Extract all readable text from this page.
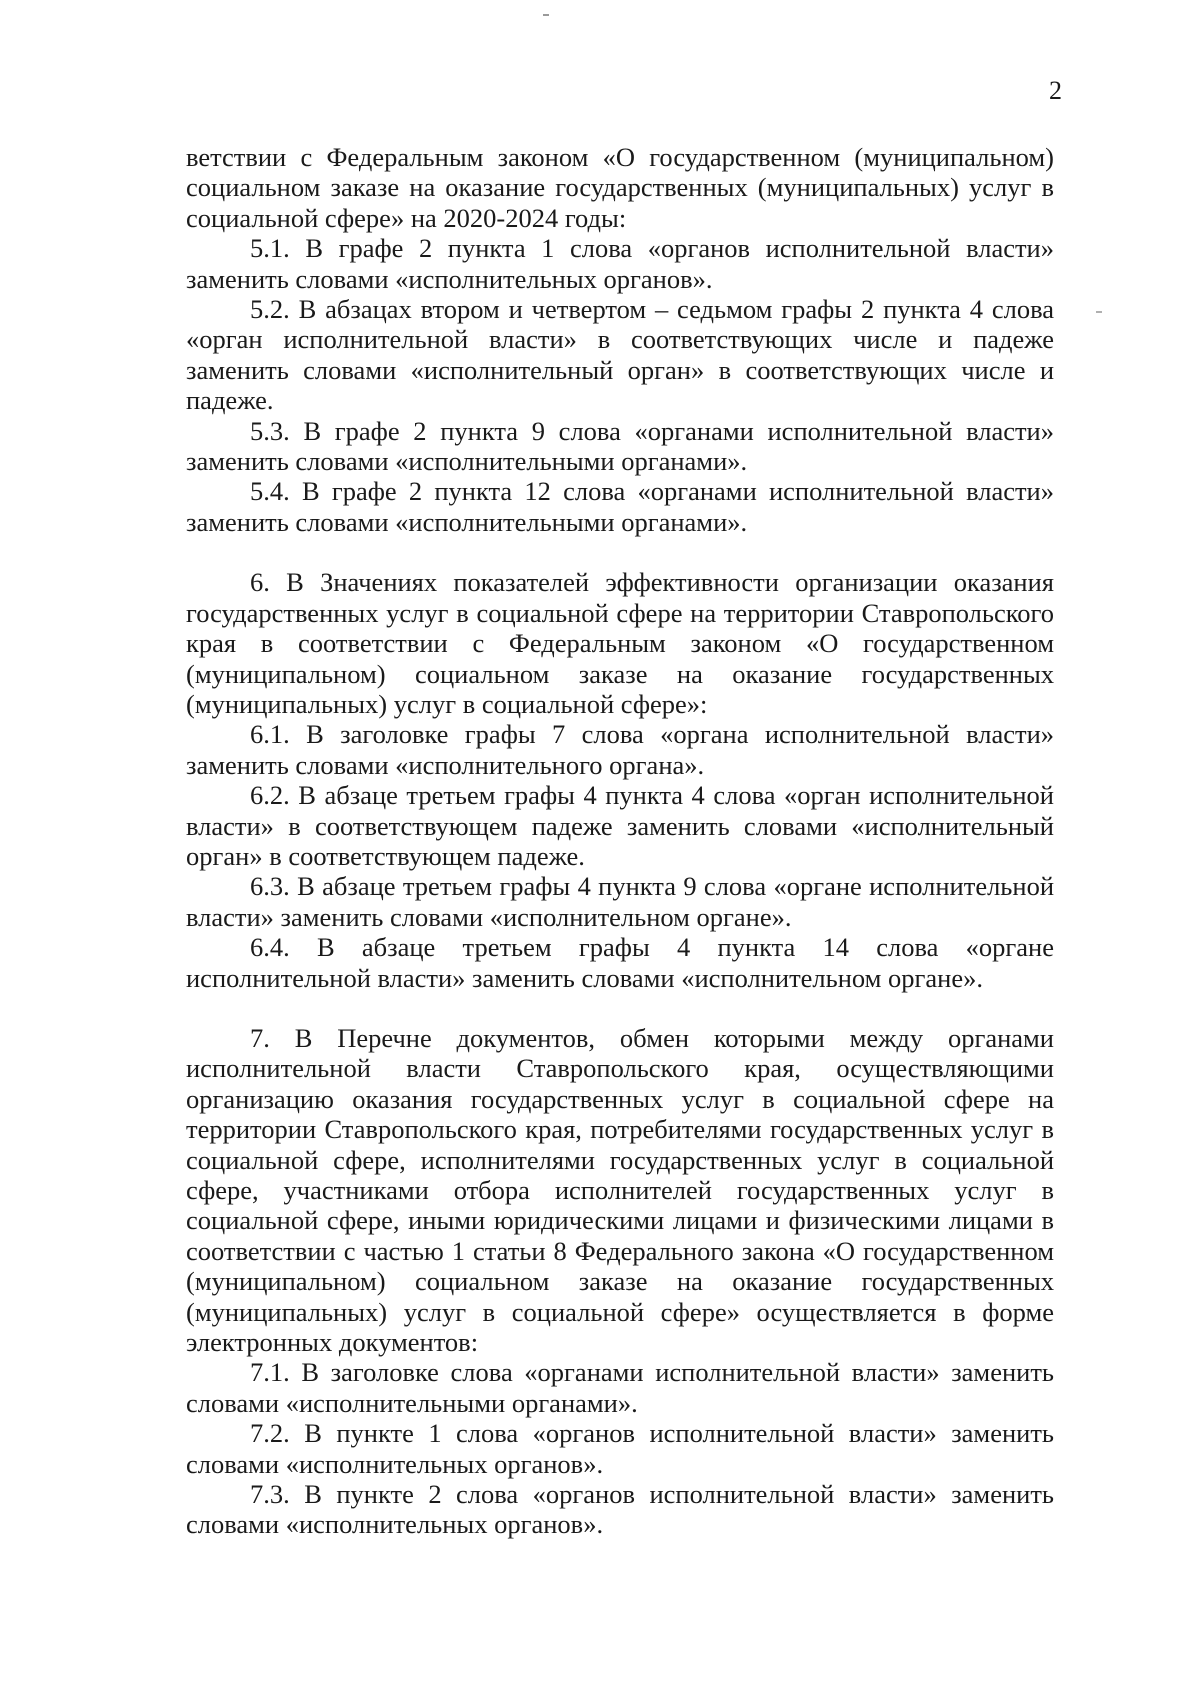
2

ветствии с Федеральным законом «О государственном (муниципальном) социальном заказе на оказание государственных (муниципальных) услуг в социальной сфере» на 2020-2024 годы:

5.1. В графе 2 пункта 1 слова «органов исполнительной власти» заменить словами «исполнительных органов».

5.2. В абзацах втором и четвертом – седьмом графы 2 пункта 4 слова «орган исполнительной власти» в соответствующих числе и падеже заменить словами «исполнительный орган» в соответствующих числе и падеже.

5.3. В графе 2 пункта 9 слова «органами исполнительной власти» заменить словами «исполнительными органами».

5.4. В графе 2 пункта 12 слова «органами исполнительной власти» заменить словами «исполнительными органами».

6. В Значениях показателей эффективности организации оказания государственных услуг в социальной сфере на территории Ставропольского края в соответствии с Федеральным законом «О государственном (муниципальном) социальном заказе на оказание государственных (муниципальных) услуг в социальной сфере»:

6.1. В заголовке графы 7 слова «органа исполнительной власти» заменить словами «исполнительного органа».

6.2. В абзаце третьем графы 4 пункта 4 слова «орган исполнительной власти» в соответствующем падеже заменить словами «исполнительный орган» в соответствующем падеже.

6.3. В абзаце третьем графы 4 пункта 9 слова «органе исполнительной власти» заменить словами «исполнительном органе».

6.4. В абзаце третьем графы 4 пункта 14 слова «органе исполнительной власти» заменить словами «исполнительном органе».

7. В Перечне документов, обмен которыми между органами исполнительной власти Ставропольского края, осуществляющими организацию оказания государственных услуг в социальной сфере на территории Ставропольского края, потребителями государственных услуг в социальной сфере, исполнителями государственных услуг в социальной сфере, участниками отбора исполнителей государственных услуг в социальной сфере, иными юридическими лицами и физическими лицами в соответствии с частью 1 статьи 8 Федерального закона «О государственном (муниципальном) социальном заказе на оказание государственных (муниципальных) услуг в социальной сфере» осуществляется в форме электронных документов:

7.1. В заголовке слова «органами исполнительной власти» заменить словами «исполнительными органами».

7.2. В пункте 1 слова «органов исполнительной власти» заменить словами «исполнительных органов».

7.3. В пункте 2 слова «органов исполнительной власти» заменить словами «исполнительных органов».
